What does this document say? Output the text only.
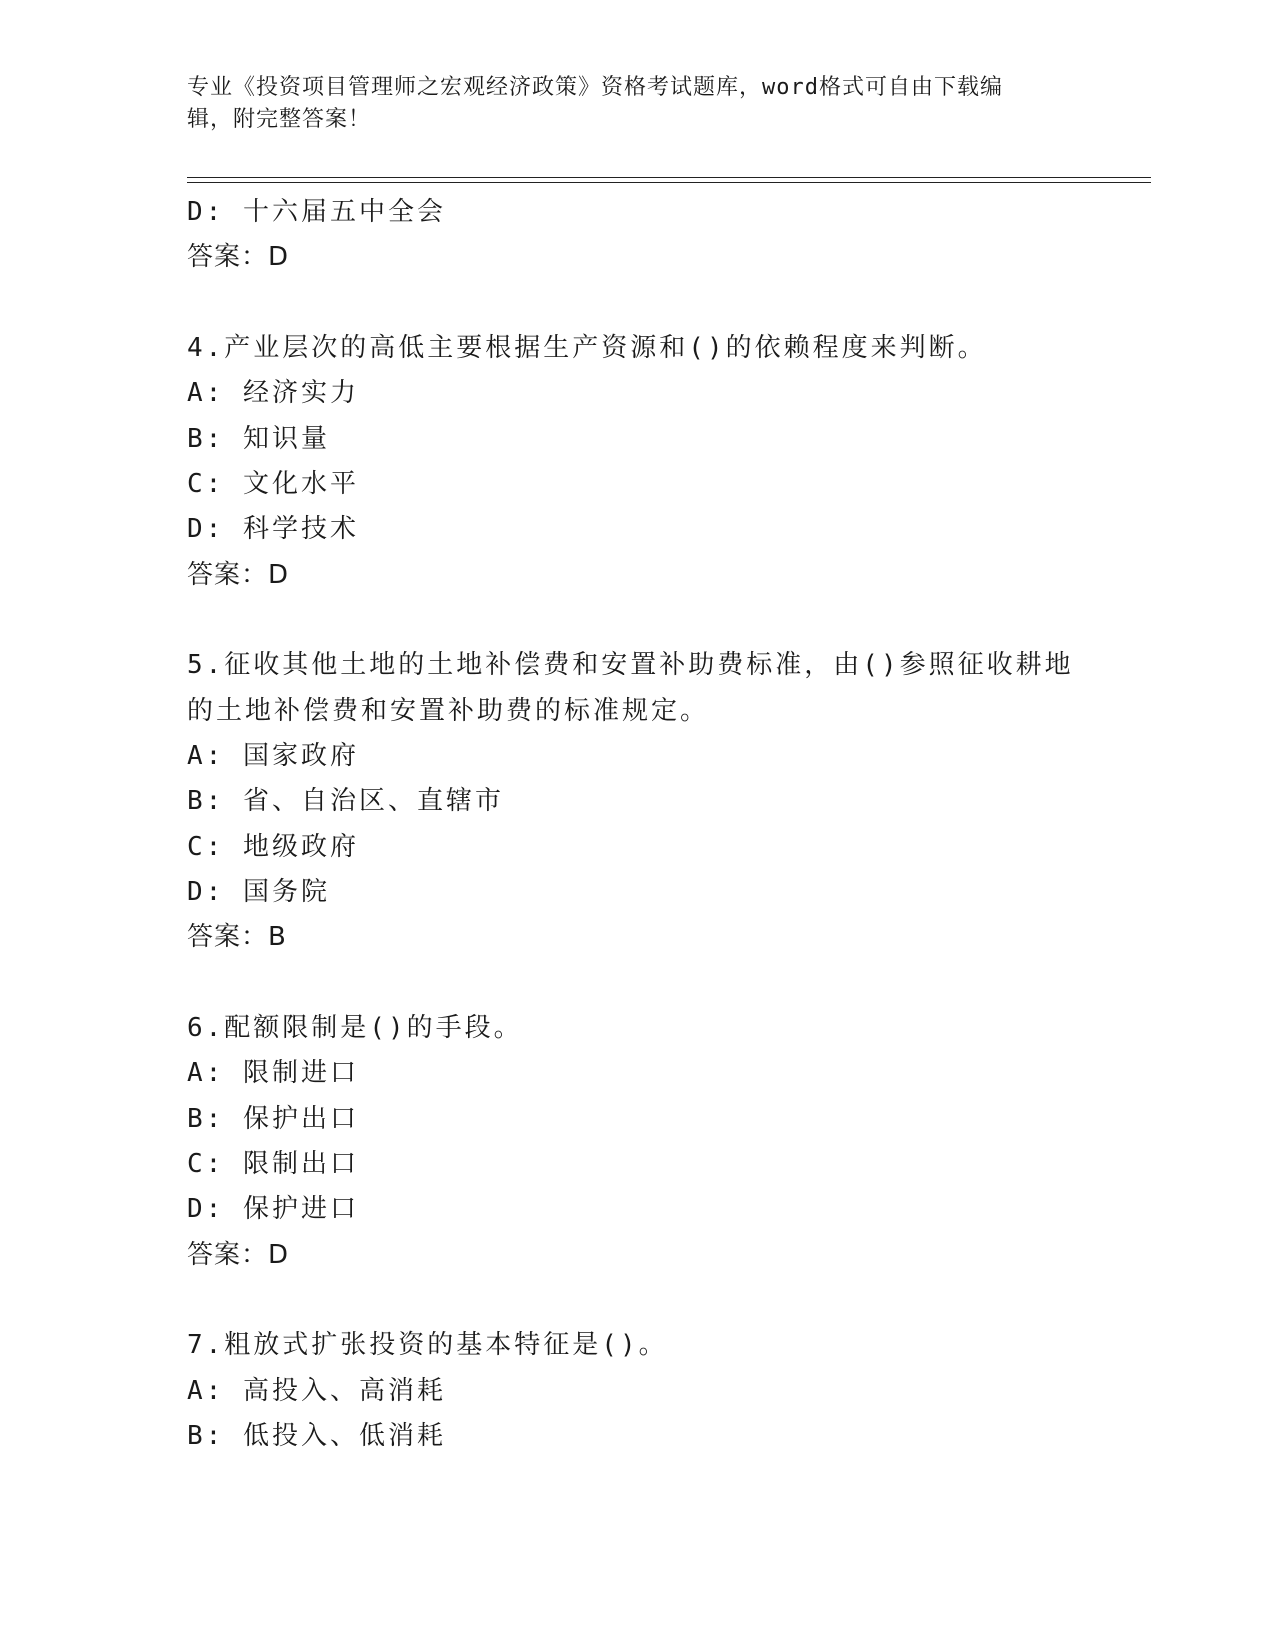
专业《投资项目管理师之宏观经济政策》资格考试题库，word格式可自由下载编
辑，附完整答案！
D: 十六届五中全会
答案：D
4.产业层次的高低主要根据生产资源和()的依赖程度来判断。
A: 经济实力
B: 知识量
C: 文化水平
D: 科学技术
答案：D
5.征收其他土地的土地补偿费和安置补助费标准，由()参照征收耕地
的土地补偿费和安置补助费的标准规定。
A: 国家政府
B: 省、自治区、直辖市
C: 地级政府
D: 国务院
答案：B
6.配额限制是()的手段。
A: 限制进口
B: 保护出口
C: 限制出口
D: 保护进口
答案：D
7.粗放式扩张投资的基本特征是()。
A: 高投入、高消耗
B: 低投入、低消耗
